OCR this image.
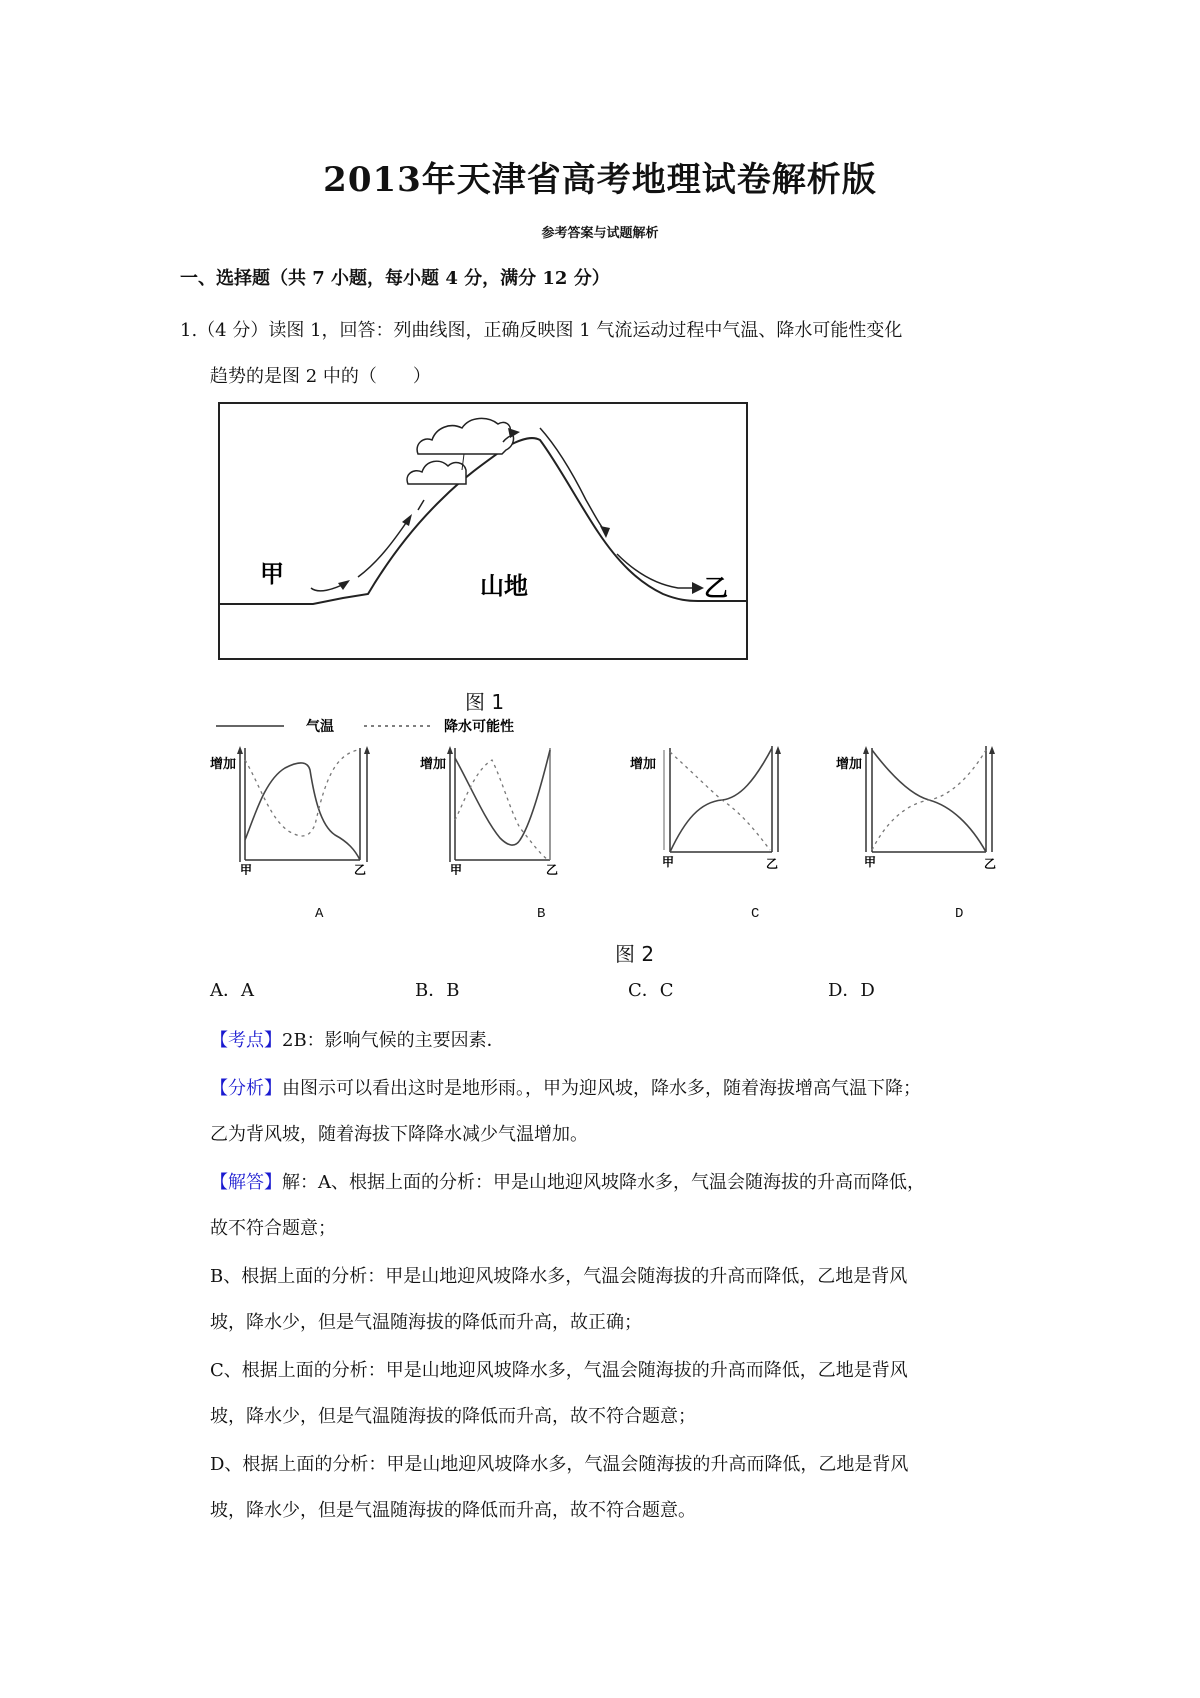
2013年天津省高考地理试卷解析版
参考答案与试题解析
一、选择题（共 7 小题，每小题 4 分，满分 12 分）
1.（4 分）读图 1，回答：列曲线图，正确反映图 1 气流运动过程中气温、降水可能性变化
趋势的是图 2 中的（　　）
甲	乙
山地
图 1
气温	降水可能性
增加
甲	乙
增加
甲	乙
增加
甲	乙
增加
甲	乙
A	B	C	D
图 2
A．A	B．B	C．C	D．D
【考点】2B：影响气候的主要因素．
【分析】由图示可以看出这时是地形雨。，甲为迎风坡，降水多，随着海拔增高气温下降；
乙为背风坡，随着海拔下降降水减少气温增加。
【解答】解：A、根据上面的分析：甲是山地迎风坡降水多，气温会随海拔的升高而降低，
故不符合题意；
B、根据上面的分析：甲是山地迎风坡降水多，气温会随海拔的升高而降低，乙地是背风
坡，降水少，但是气温随海拔的降低而升高，故正确；
C、根据上面的分析：甲是山地迎风坡降水多，气温会随海拔的升高而降低，乙地是背风
坡，降水少，但是气温随海拔的降低而升高，故不符合题意；
D、根据上面的分析：甲是山地迎风坡降水多，气温会随海拔的升高而降低，乙地是背风
坡，降水少，但是气温随海拔的降低而升高，故不符合题意。
